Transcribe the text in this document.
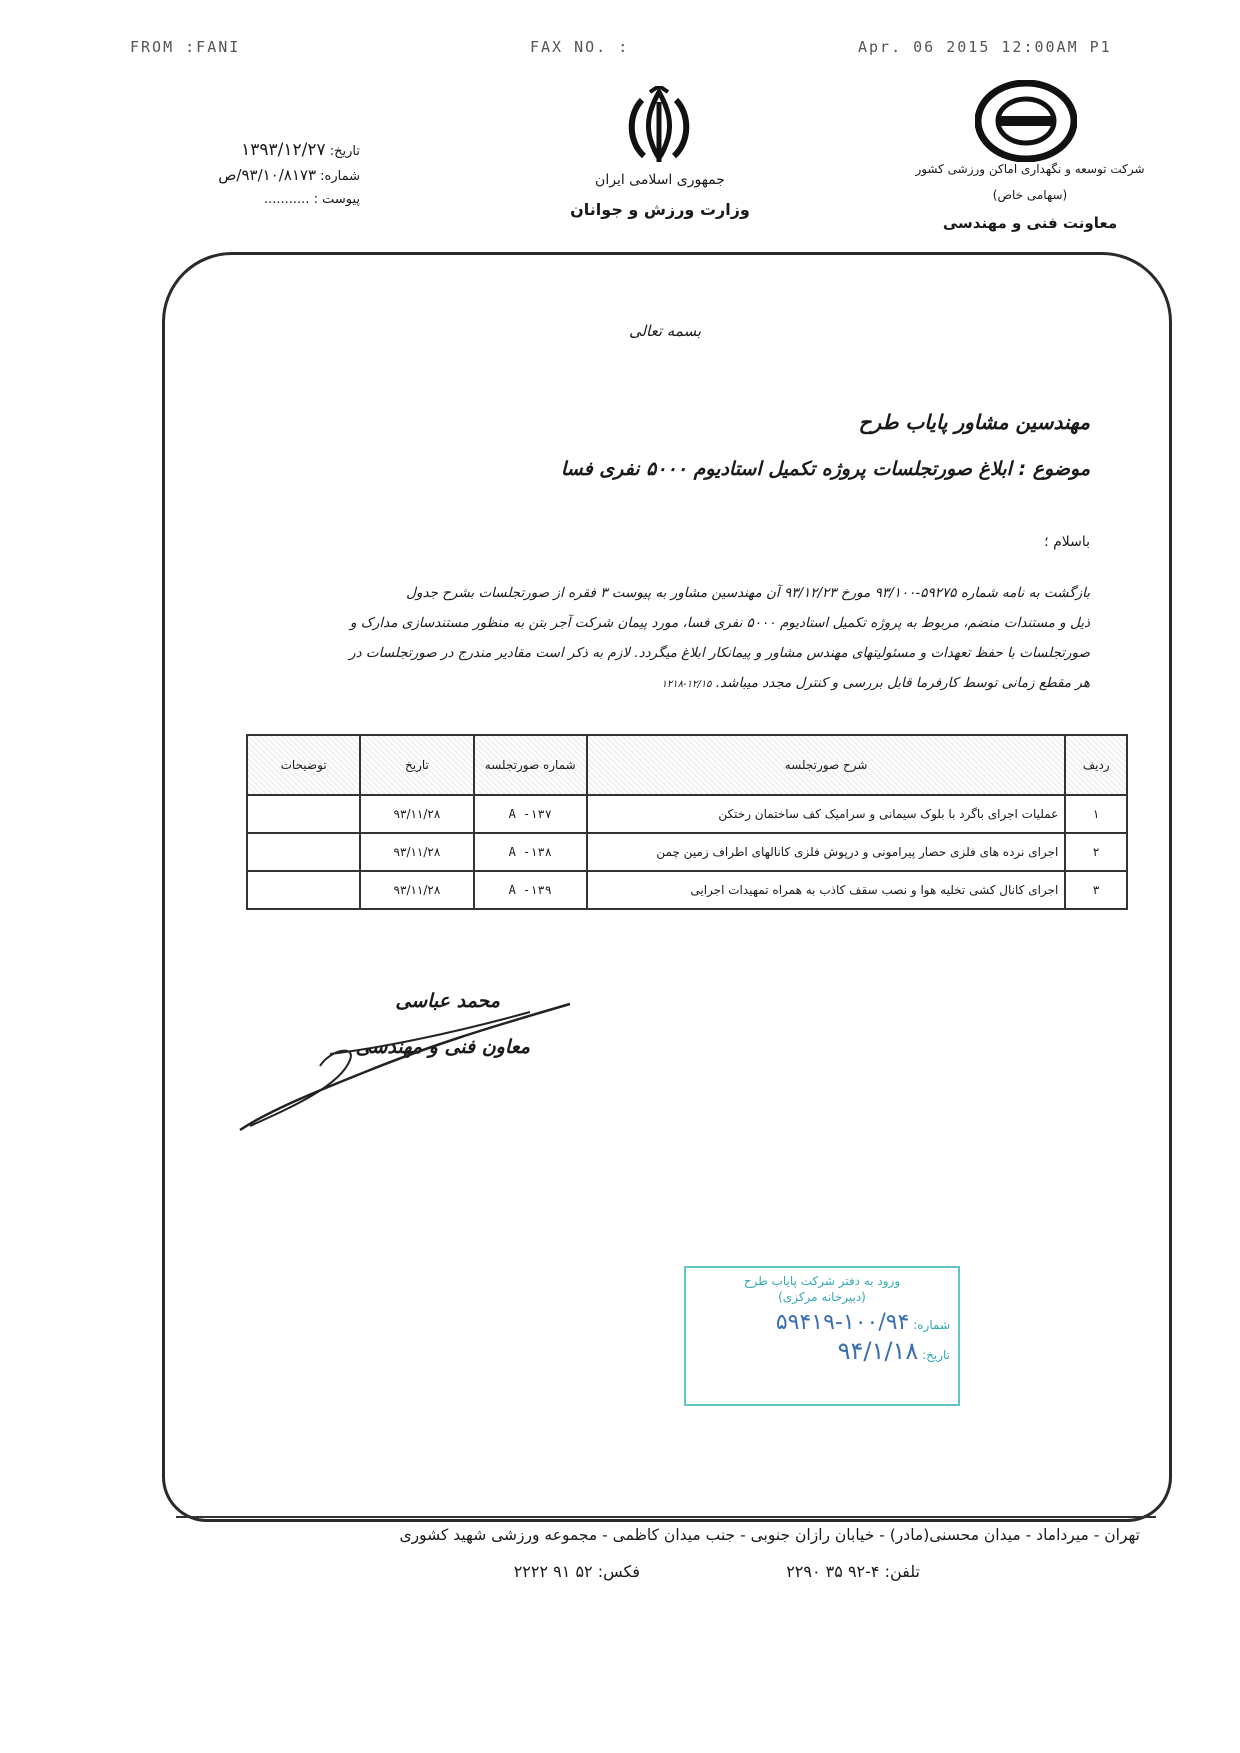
FROM :FANI	FAX NO. :	Apr. 06 2015 12:00AM P1
تاریخ: ۱۳۹۳/۱۲/۲۷
شماره: ۹۳/۱۰/۸۱۷۳/ص
پیوست : ...........
جمهوری اسلامی ایران
وزارت ورزش و جوانان
شرکت توسعه و نگهداری اماکن ورزشی کشور
(سهامی خاص)
معاونت فنی و مهندسی
بسمه تعالی
مهندسین مشاور پایاب طرح
موضوع : ابلاغ صورتجلسات پروژه تکمیل استادیوم ۵۰۰۰ نفری فسا
باسلام ؛
بازگشت به نامه شماره ۵۹۲۷۵-۹۳/۱۰۰ مورخ ۹۳/۱۲/۲۳ آن مهندسین مشاور به پیوست ۳ فقره از صورتجلسات بشرح جدول
ذیل و مستندات منضم، مربوط به پروژه تکمیل استادیوم ۵۰۰۰ نفری فسا، مورد پیمان شرکت آجر بتن به منظور مستندسازی مدارک و
صورتجلسات با حفظ تعهدات و مسئولیتهای مهندس مشاور و پیمانکار ابلاغ میگردد. لازم به ذکر است مقادیر مندرج در صورتجلسات در
هر مقطع زمانی توسط کارفرما قابل بررسی و کنترل مجدد میباشد. ۱۲/۱۵-۱۲۱۸
ردیف	شرح صورتجلسه	شماره صورتجلسه	تاریخ	توضیحات
۱	عملیات اجرای باگرد با بلوک سیمانی و سرامیک کف ساختمان رختکن	A -۱۳۷	۹۳/۱۱/۲۸	
۲	اجرای نرده های فلزی حصار پیرامونی و درپوش فلزی کانالهای اطراف زمین چمن	A -۱۳۸	۹۳/۱۱/۲۸	
۳	اجرای کانال کشی تخلیه هوا و نصب سقف کاذب به همراه تمهیدات اجرایی	A -۱۳۹	۹۳/۱۱/۲۸	
محمد عباسی
معاون فنی و مهندسی
ورود به دفتر شرکت پایاب طرح
(دبیرخانه مرکزی)
شماره: ۱۰۰/۹۴-۵۹۴۱۹
تاریخ: ۹۴/۱/۱۸
تهران - میرداماد - میدان محسنی(مادر) - خیابان رازان جنوبی - جنب میدان کاظمی - مجموعه ورزشی شهید کشوری
تلفن: ۴-۹۲ ۳۵ ۲۲۹۰
فکس: ۵۲ ۹۱ ۲۲۲۲
